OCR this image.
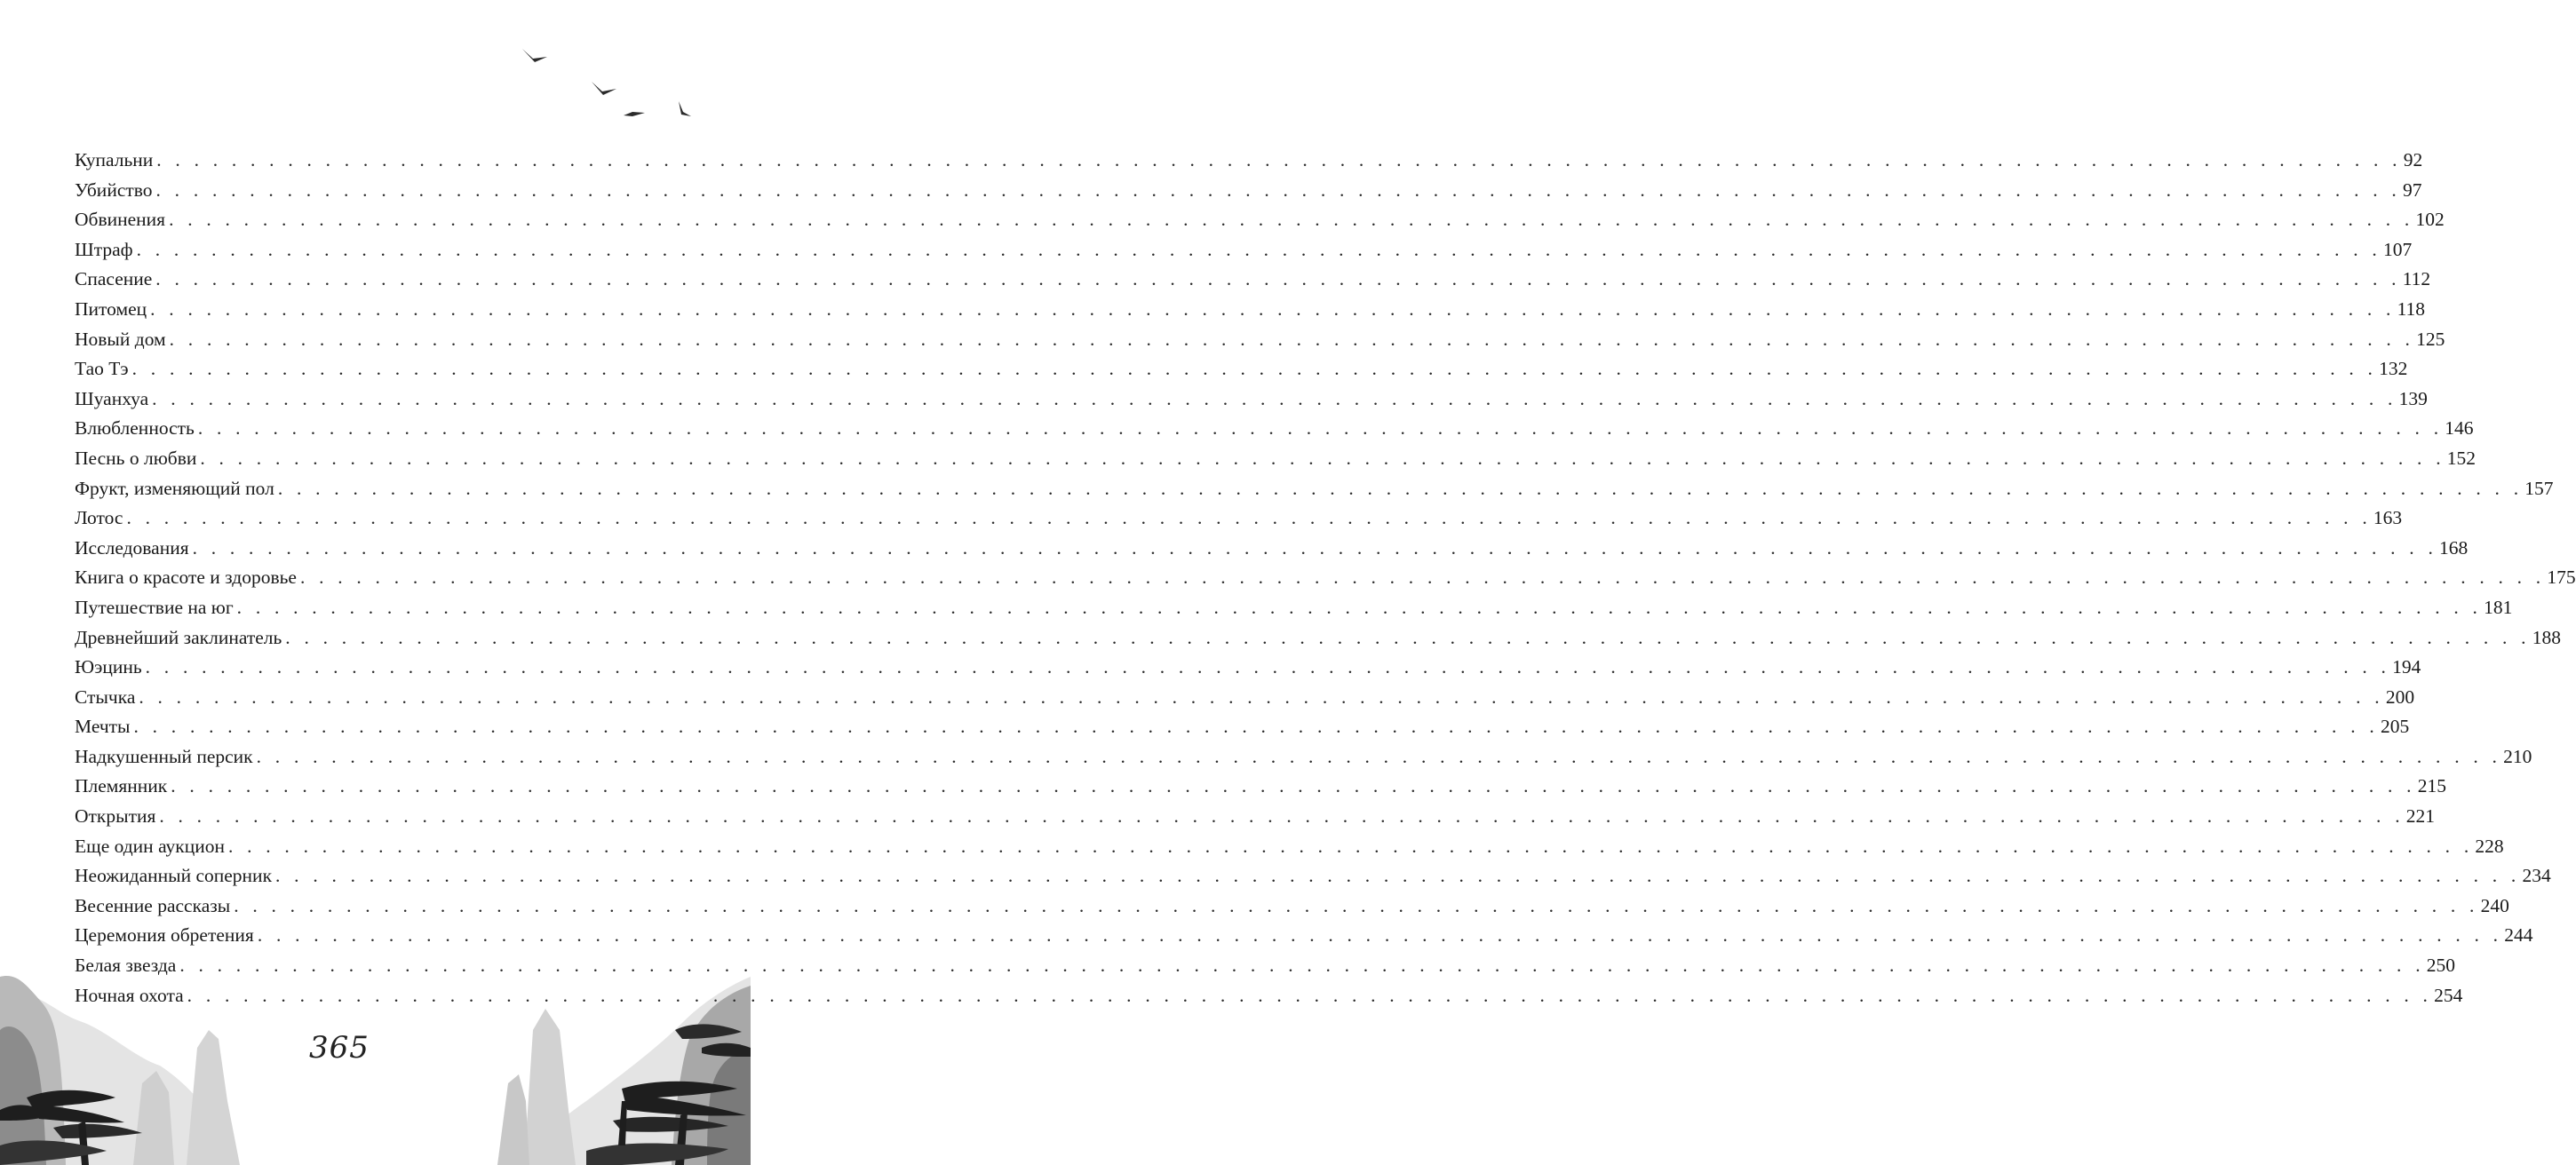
Купальни . . . . . . . . . . . . . . . . . . . . . . . . . . . . . . . . . . . . . . . . . . . . . . . . . . . . . . . . . . . . . . . . . . . . . . . . . . . . . . . . . . . . . . . . . . . . . . . . . . . . . . . . . . . . . . . . . . . . . . . . 92
Убийство . . . . . . . . . . . . . . . . . . . . . . . . . . . . . . . . . . . . . . . . . . . . . . . . . . . . . . . . . . . . . . . . . . . . . . . . . . . . . . . . . . . . . . . . . . . . . . . . . . . . . . . . . . . . . . . . . . . . . . . . 97
Обвинения . . . . . . . . . . . . . . . . . . . . . . . . . . . . . . . . . . . . . . . . . . . . . . . . . . . . . . . . . . . . . . . . . . . . . . . . . . . . . . . . . . . . . . . . . . . . . . . . . . . . . . . . . . . . . . . . . . . . . . . . 102
Штраф . . . . . . . . . . . . . . . . . . . . . . . . . . . . . . . . . . . . . . . . . . . . . . . . . . . . . . . . . . . . . . . . . . . . . . . . . . . . . . . . . . . . . . . . . . . . . . . . . . . . . . . . . . . . . . . . . . . . . . . . 107
Спасение . . . . . . . . . . . . . . . . . . . . . . . . . . . . . . . . . . . . . . . . . . . . . . . . . . . . . . . . . . . . . . . . . . . . . . . . . . . . . . . . . . . . . . . . . . . . . . . . . . . . . . . . . . . . . . . . . . . . . . . . 112
Питомец . . . . . . . . . . . . . . . . . . . . . . . . . . . . . . . . . . . . . . . . . . . . . . . . . . . . . . . . . . . . . . . . . . . . . . . . . . . . . . . . . . . . . . . . . . . . . . . . . . . . . . . . . . . . . . . . . . . . . . . . 118
Новый дом . . . . . . . . . . . . . . . . . . . . . . . . . . . . . . . . . . . . . . . . . . . . . . . . . . . . . . . . . . . . . . . . . . . . . . . . . . . . . . . . . . . . . . . . . . . . . . . . . . . . . . . . . . . . . . . . . . . . . . . . 125
Тао Тэ . . . . . . . . . . . . . . . . . . . . . . . . . . . . . . . . . . . . . . . . . . . . . . . . . . . . . . . . . . . . . . . . . . . . . . . . . . . . . . . . . . . . . . . . . . . . . . . . . . . . . . . . . . . . . . . . . . . . . . . . 132
Шуанхуа . . . . . . . . . . . . . . . . . . . . . . . . . . . . . . . . . . . . . . . . . . . . . . . . . . . . . . . . . . . . . . . . . . . . . . . . . . . . . . . . . . . . . . . . . . . . . . . . . . . . . . . . . . . . . . . . . . . . . . . . 139
Влюбленность . . . . . . . . . . . . . . . . . . . . . . . . . . . . . . . . . . . . . . . . . . . . . . . . . . . . . . . . . . . . . . . . . . . . . . . . . . . . . . . . . . . . . . . . . . . . . . . . . . . . . . . . . . . . . . . . . . . . . . . . 146
Песнь о любви . . . . . . . . . . . . . . . . . . . . . . . . . . . . . . . . . . . . . . . . . . . . . . . . . . . . . . . . . . . . . . . . . . . . . . . . . . . . . . . . . . . . . . . . . . . . . . . . . . . . . . . . . . . . . . . . . . . . . . . . 152
Фрукт, изменяющий пол . . . . . . . . . . . . . . . . . . . . . . . . . . . . . . . . . . . . . . . . . . . . . . . . . . . . . . . . . . . . . . . . . . . . . . . . . . . . . . . . . . . . . . . . . . . . . . . . . . . . . . . . . . . . . . . . . . . . . . . . 157
Лотос . . . . . . . . . . . . . . . . . . . . . . . . . . . . . . . . . . . . . . . . . . . . . . . . . . . . . . . . . . . . . . . . . . . . . . . . . . . . . . . . . . . . . . . . . . . . . . . . . . . . . . . . . . . . . . . . . . . . . . . . 163
Исследования . . . . . . . . . . . . . . . . . . . . . . . . . . . . . . . . . . . . . . . . . . . . . . . . . . . . . . . . . . . . . . . . . . . . . . . . . . . . . . . . . . . . . . . . . . . . . . . . . . . . . . . . . . . . . . . . . . . . . . . . 168
Книга о красоте и здоровье . . . . . . . . . . . . . . . . . . . . . . . . . . . . . . . . . . . . . . . . . . . . . . . . . . . . . . . . . . . . . . . . . . . . . . . . . . . . . . . . . . . . . . . . . . . . . . . . . . . . . . . . . . . . . . . . . . . . . . . . 175
Путешествие на юг . . . . . . . . . . . . . . . . . . . . . . . . . . . . . . . . . . . . . . . . . . . . . . . . . . . . . . . . . . . . . . . . . . . . . . . . . . . . . . . . . . . . . . . . . . . . . . . . . . . . . . . . . . . . . . . . . . . . . . . . 181
Древнейший заклинатель . . . . . . . . . . . . . . . . . . . . . . . . . . . . . . . . . . . . . . . . . . . . . . . . . . . . . . . . . . . . . . . . . . . . . . . . . . . . . . . . . . . . . . . . . . . . . . . . . . . . . . . . . . . . . . . . . . . . . . . . 188
Юэцинь . . . . . . . . . . . . . . . . . . . . . . . . . . . . . . . . . . . . . . . . . . . . . . . . . . . . . . . . . . . . . . . . . . . . . . . . . . . . . . . . . . . . . . . . . . . . . . . . . . . . . . . . . . . . . . . . . . . . . . . . 194
Стычка . . . . . . . . . . . . . . . . . . . . . . . . . . . . . . . . . . . . . . . . . . . . . . . . . . . . . . . . . . . . . . . . . . . . . . . . . . . . . . . . . . . . . . . . . . . . . . . . . . . . . . . . . . . . . . . . . . . . . . . . 200
Мечты . . . . . . . . . . . . . . . . . . . . . . . . . . . . . . . . . . . . . . . . . . . . . . . . . . . . . . . . . . . . . . . . . . . . . . . . . . . . . . . . . . . . . . . . . . . . . . . . . . . . . . . . . . . . . . . . . . . . . . . . 205
Надкушенный персик . . . . . . . . . . . . . . . . . . . . . . . . . . . . . . . . . . . . . . . . . . . . . . . . . . . . . . . . . . . . . . . . . . . . . . . . . . . . . . . . . . . . . . . . . . . . . . . . . . . . . . . . . . . . . . . . . . . . . . . . 210
Племянник . . . . . . . . . . . . . . . . . . . . . . . . . . . . . . . . . . . . . . . . . . . . . . . . . . . . . . . . . . . . . . . . . . . . . . . . . . . . . . . . . . . . . . . . . . . . . . . . . . . . . . . . . . . . . . . . . . . . . . . . 215
Открытия . . . . . . . . . . . . . . . . . . . . . . . . . . . . . . . . . . . . . . . . . . . . . . . . . . . . . . . . . . . . . . . . . . . . . . . . . . . . . . . . . . . . . . . . . . . . . . . . . . . . . . . . . . . . . . . . . . . . . . . . 221
Еще один аукцион . . . . . . . . . . . . . . . . . . . . . . . . . . . . . . . . . . . . . . . . . . . . . . . . . . . . . . . . . . . . . . . . . . . . . . . . . . . . . . . . . . . . . . . . . . . . . . . . . . . . . . . . . . . . . . . . . . . . . . . . 228
Неожиданный соперник . . . . . . . . . . . . . . . . . . . . . . . . . . . . . . . . . . . . . . . . . . . . . . . . . . . . . . . . . . . . . . . . . . . . . . . . . . . . . . . . . . . . . . . . . . . . . . . . . . . . . . . . . . . . . . . . . . . . . . . . 234
Весенние рассказы . . . . . . . . . . . . . . . . . . . . . . . . . . . . . . . . . . . . . . . . . . . . . . . . . . . . . . . . . . . . . . . . . . . . . . . . . . . . . . . . . . . . . . . . . . . . . . . . . . . . . . . . . . . . . . . . . . . . . . . . 240
Церемония обретения . . . . . . . . . . . . . . . . . . . . . . . . . . . . . . . . . . . . . . . . . . . . . . . . . . . . . . . . . . . . . . . . . . . . . . . . . . . . . . . . . . . . . . . . . . . . . . . . . . . . . . . . . . . . . . . . . . . . . . . . 244
Белая звезда . . . . . . . . . . . . . . . . . . . . . . . . . . . . . . . . . . . . . . . . . . . . . . . . . . . . . . . . . . . . . . . . . . . . . . . . . . . . . . . . . . . . . . . . . . . . . . . . . . . . . . . . . . . . . . . . . . . . . . . . 250
Ночная охота . . . . . . . . . . . . . . . . . . . . . . . . . . . . . . . . . . . . . . . . . . . . . . . . . . . . . . . . . . . . . . . . . . . . . . . . . . . . . . . . . . . . . . . . . . . . . . . . . . . . . . . . . . . . . . . . . . . . . . . . 254
365
